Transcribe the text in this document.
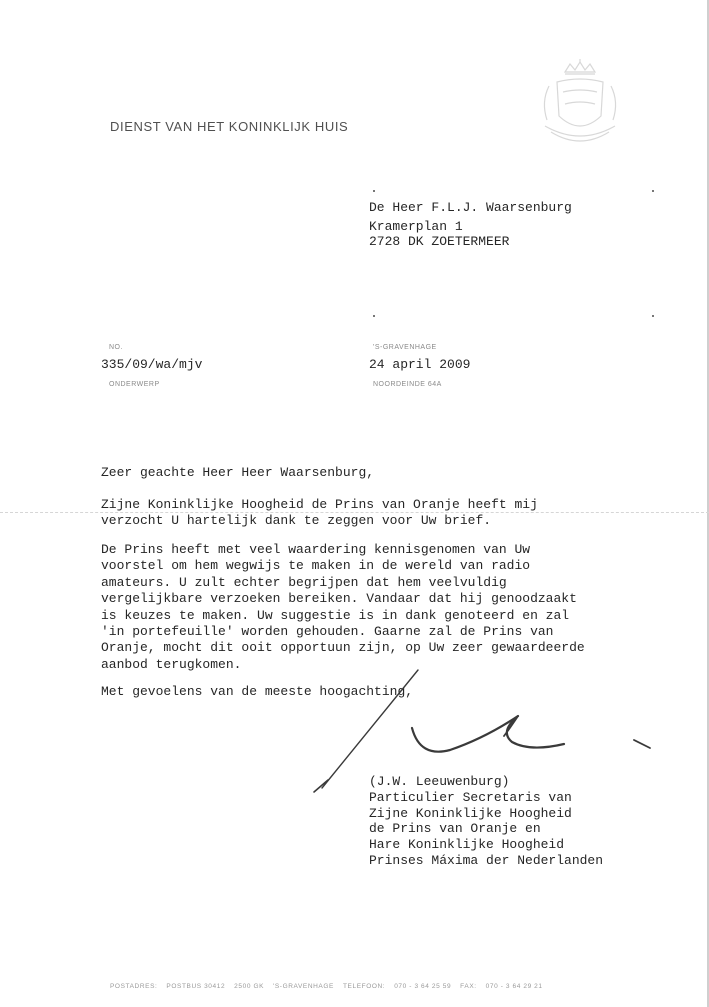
DIENST VAN HET KONINKLIJK HUIS
De Heer F.L.J. Waarsenburg
Kramerplan 1
2728 DK ZOETERMEER
NO.
335/09/wa/mjv
ONDERWERP
'S-GRAVENHAGE
24 april 2009
NOORDEINDE 64A
Zeer geachte Heer Heer Waarsenburg,
Zijne Koninklijke Hoogheid de Prins van Oranje heeft mij
verzocht U hartelijk dank te zeggen voor Uw brief.
De Prins heeft met veel waardering kennisgenomen van Uw
voorstel om hem wegwijs te maken in de wereld van radio
amateurs. U zult echter begrijpen dat hem veelvuldig
vergelijkbare verzoeken bereiken. Vandaar dat hij genoodzaakt
is keuzes te maken. Uw suggestie is in dank genoteerd en zal
'in portefeuille' worden gehouden. Gaarne zal de Prins van
Oranje, mocht dit ooit opportuun zijn, op Uw zeer gewaardeerde
aanbod terugkomen.
Met gevoelens van de meeste hoogachting,
(J.W. Leeuwenburg)
Particulier Secretaris van
Zijne Koninklijke Hoogheid
de Prins van Oranje en
Hare Koninklijke Hoogheid
Prinses Máxima der Nederlanden
POSTADRES: POSTBUS 30412 2500 GK 'S-GRAVENHAGE TELEFOON: 070 - 3 64 25 59 FAX: 070 - 3 64 29 21
